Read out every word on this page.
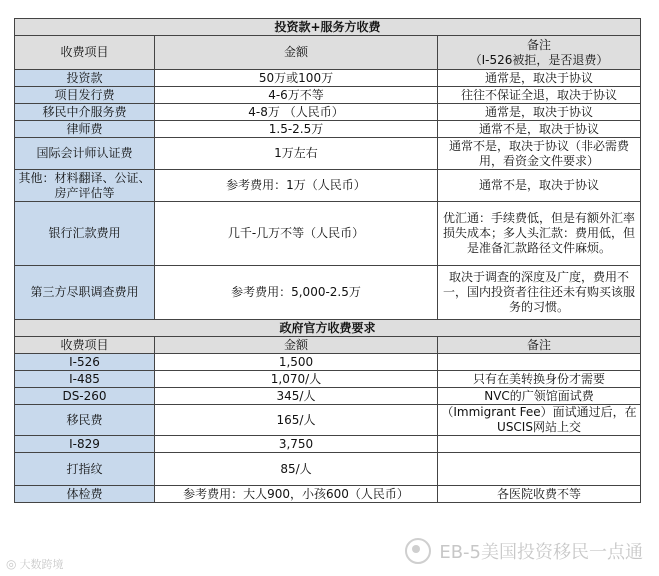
投资款+服务方收费		
收费项目	金额	备注
（I-526被拒，是否退费）

投资款	50万或100万	通常是，取决于协议
项目发行费	4-6万不等	往往不保证全退，取决于协议
移民中介服务费	4-8万 （人民币）	通常是，取决于协议
律师费	1.5-2.5万	通常不是，取决于协议
国际会计师认证费	1万左右	通常不是，取决于协议（非必需费用，看资金文件要求）
其他：材料翻译、公证、房产评估等	参考费用：1万（人民币）	通常不是，取决于协议
银行汇款费用	几千-几万不等（人民币）	优汇通：手续费低，但是有额外汇率损失成本；多人头汇款：费用低，但是准备汇款路径文件麻烦。
第三方尽职调查费用	参考费用：5,000-2.5万	取决于调查的深度及广度，费用不一，国内投资者往往还未有购买该服务的习惯。
政府官方收费要求		
收费项目	金额	备注
I-526	1,500	
I-485	1,070/人	只有在美转换身份才需要
DS-260	345/人	NVC的广领馆面试费
移民费	165/人	（Immigrant Fee）面试通过后，在USCIS网站上交
I-829	3,750	
打指纹	85/人	
体检费	参考费用：大人900，小孩600（人民币）	各医院收费不等
EB-5美国投资移民一点通
◎ 大数跨境
